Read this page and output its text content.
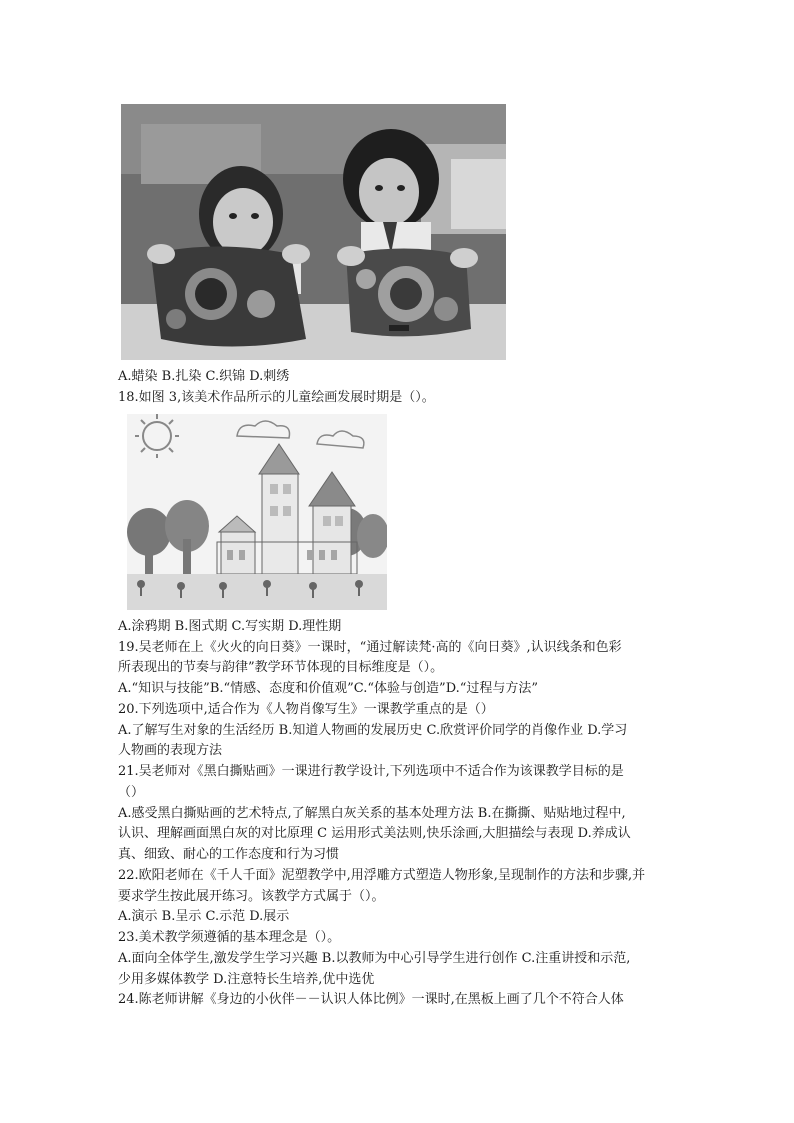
A.蜡染 B.扎染 C.织锦 D.刺绣
18.如图 3,该美术作品所示的儿童绘画发展时期是（）。
A.涂鸦期 B.图式期 C.写实期 D.理性期
19.吴老师在上《火火的向日葵》一课时，“通过解读梵·高的《向日葵》,认识线条和色彩
所表现出的节奏与韵律”教学环节体现的目标维度是（）。
A.“知识与技能”B.“情感、态度和价值观”C.“体验与创造”D.“过程与方法”
20.下列选项中,适合作为《人物肖像写生》一课教学重点的是（）
A.了解写生对象的生活经历 B.知道人物画的发展历史 C.欣赏评价同学的肖像作业 D.学习
人物画的表现方法
21.吴老师对《黑白撕贴画》一课进行教学设计,下列选项中不适合作为该课教学目标的是
（）
A.感受黑白撕贴画的艺术特点,了解黑白灰关系的基本处理方法 B.在撕撕、贴贴地过程中,
认识、理解画面黑白灰的对比原理 C 运用形式美法则,快乐涂画,大胆描绘与表现 D.养成认
真、细致、耐心的工作态度和行为习惯
22.欧阳老师在《千人千面》泥塑教学中,用浮雕方式塑造人物形象,呈现制作的方法和步骤,并
要求学生按此展开练习。该教学方式属于（）。
A.演示 B.呈示 C.示范 D.展示
23.美术教学须遵循的基本理念是（）。
A.面向全体学生,激发学生学习兴趣 B.以教师为中心引导学生进行创作 C.注重讲授和示范,
少用多媒体教学 D.注意特长生培养,优中选优
24.陈老师讲解《身边的小伙伴－－认识人体比例》一课时,在黑板上画了几个不符合人体
